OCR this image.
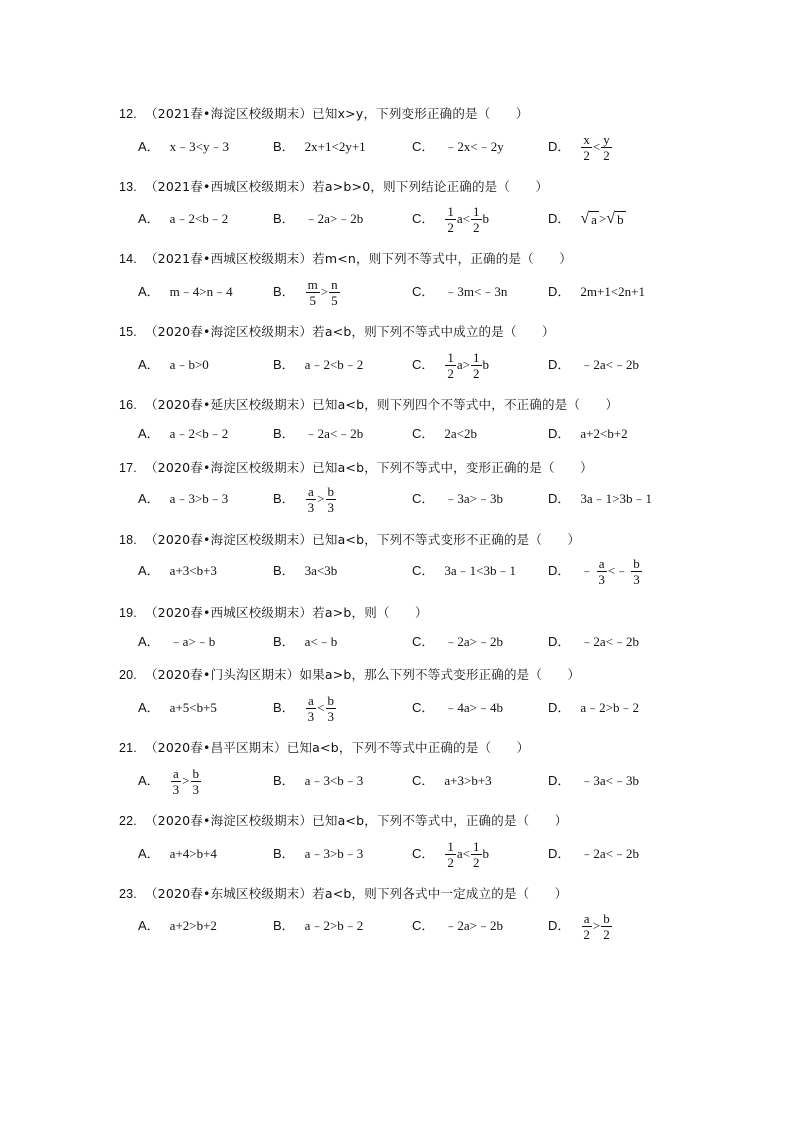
12. （2021春•海淀区校级期末）已知x>y，下列变形正确的是（　　）
A． x﹣3<y﹣3	B． 2x+1<2y+1	C． ﹣2x<﹣2y	D． $\frac{x}{2} < \frac{y}{2}$
13. （2021春•西城区校级期末）若a>b>0，则下列结论正确的是（　　）
A． a﹣2<b﹣2	B． ﹣2a>﹣2b	C． $\frac{1}{2}$ $a < \frac{1}{2}$ b	D． √ a > √ b
14. （2021春•西城区校级期末）若m<n，则下列不等式中，正确的是（　　）
A． m﹣4>n﹣4	B． $\frac{m}{5} > \frac{n}{5}$	C． ﹣3m<﹣3n	D． 2m+1<2n+1
15. （2020春•海淀区校级期末）若a<b，则下列不等式中成立的是（　　）
A． a﹣b>0	B． a﹣2<b﹣2	C． $\frac{1}{2}$ $a > \frac{1}{2}$ b	D． ﹣2a<﹣2b
16. （2020春•延庆区校级期末）已知a<b，则下列四个不等式中，不正确的是（　　）
A． a﹣2<b﹣2	B． ﹣2a<﹣2b	C． 2a<2b	D． a+2<b+2
17. （2020春•海淀区校级期末）已知a<b，下列不等式中，变形正确的是（　　）
A． a﹣3>b﹣3	B． $\frac{a}{3} > \frac{b}{3}$	C． ﹣3a>﹣3b	D． 3a﹣1>3b﹣1
18. （2020春•海淀区校级期末）已知a<b，下列不等式变形不正确的是（　　）
A． a+3<b+3	B． 3a<3b	C． 3a﹣1<3b﹣1 D． ﹣ $\frac{a}{3}$ < ﹣ $\frac{b}{3}$
19. （2020春•西城区校级期末）若a>b，则（　　）
A． ﹣a>﹣b	B． a<﹣b	C． ﹣2a>﹣2b	D． ﹣2a<﹣2b
20. （2020春•门头沟区期末）如果a>b，那么下列不等式变形正确的是（　　）
A． a+5<b+5	B． $\frac{a}{3} < \frac{b}{3}$	C． ﹣4a>﹣4b	D． a﹣2>b﹣2
21. （2020春•昌平区期末）已知a<b，下列不等式中正确的是（　　）
A． $\frac{a}{3} > \frac{b}{3}$	B． a﹣3<b﹣3	C． a+3>b+3	D． ﹣3a<﹣3b
22. （2020春•海淀区校级期末）已知a<b，下列不等式中，正确的是（　　）
A． a+4>b+4	B． a﹣3>b﹣3	C． $\frac{1}{2}$ $a < \frac{1}{2}$ b	D． ﹣2a<﹣2b
23. （2020春•东城区校级期末）若a<b，则下列各式中一定成立的是（　　）
A． a+2>b+2	B． a﹣2>b﹣2	C． ﹣2a>﹣2b	D． $\frac{a}{2} > \frac{b}{2}$
